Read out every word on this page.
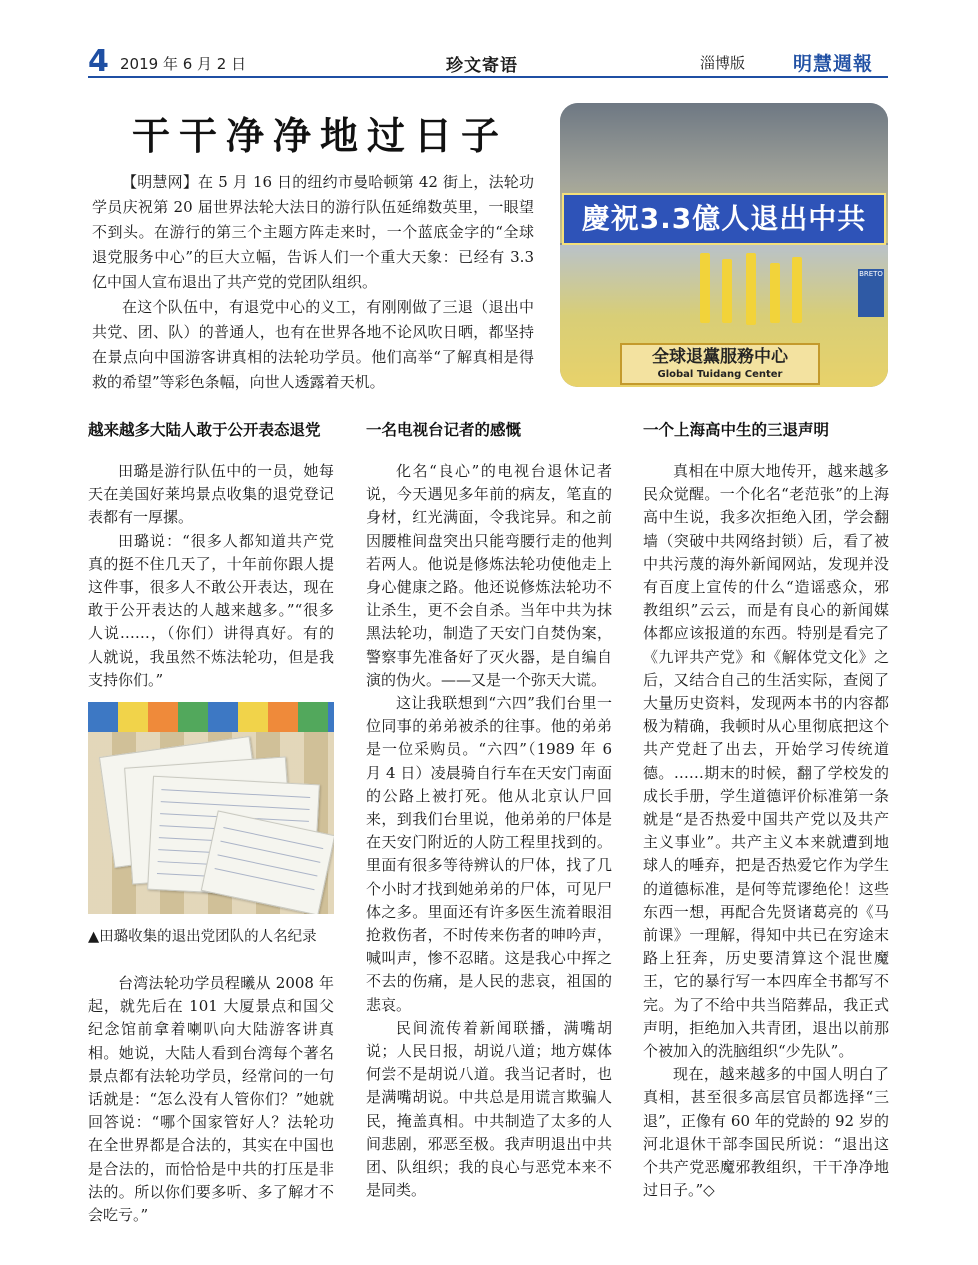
4 2019 年 6 月 2 日	珍文寄语	淄博版	明慧週報
干干净净地过日子

【明慧网】在 5 月 16 日的纽约市曼哈顿第 42 街上，法轮功学员庆祝第 20 届世界法轮大法日的游行队伍延绵数英里，一眼望不到头。在游行的第三个主题方阵走来时，一个蓝底金字的“全球退党服务中心”的巨大立幅，告诉人们一个重大天象：已经有 3.3 亿中国人宣布退出了共产党的党团队组织。

在这个队伍中，有退党中心的义工，有刚刚做了三退（退出中共党、团、队）的普通人，也有在世界各地不论风吹日晒，都坚持在景点向中国游客讲真相的法轮功学员。他们高举“了解真相是得救的希望”等彩色条幅，向世人透露着天机。

BRETO
慶祝3.3億人退出中共
全球退黨服務中心
Global Tuidang Center
越来越多大陆人敢于公开表态退党

田璐是游行队伍中的一员，她每天在美国好莱坞景点收集的退党登记表都有一厚摞。

田璐说：“很多人都知道共产党真的挺不住几天了，十年前你跟人提这件事，很多人不敢公开表达，现在敢于公开表达的人越来越多。”“很多人说……，（你们）讲得真好。有的人就说，我虽然不炼法轮功，但是我支持你们。”

▲田璐收集的退出党团队的人名纪录

台湾法轮功学员程曦从 2008 年起，就先后在 101 大厦景点和国父纪念馆前拿着喇叭向大陆游客讲真相。她说，大陆人看到台湾每个著名景点都有法轮功学员，经常问的一句话就是：“怎么没有人管你们？”她就回答说：“哪个国家管好人？法轮功在全世界都是合法的，其实在中国也是合法的，而恰恰是中共的打压是非法的。所以你们要多听、多了解才不会吃亏。”

一名电视台记者的感慨

化名“良心”的电视台退休记者说，今天遇见多年前的病友，笔直的身材，红光满面，令我诧异。和之前因腰椎间盘突出只能弯腰行走的他判若两人。他说是修炼法轮功使他走上身心健康之路。他还说修炼法轮功不让杀生，更不会自杀。当年中共为抹黑法轮功，制造了天安门自焚伪案，警察事先准备好了灭火器，是自编自演的伪火。——又是一个弥天大谎。

这让我联想到“六四”我们台里一位同事的弟弟被杀的往事。他的弟弟是一位采购员。“六四”（1989 年 6 月 4 日）凌晨骑自行车在天安门南面的公路上被打死。他从北京认尸回来，到我们台里说，他弟弟的尸体是在天安门附近的人防工程里找到的。里面有很多等待辨认的尸体，找了几个小时才找到她弟弟的尸体，可见尸体之多。里面还有许多医生流着眼泪抢救伤者，不时传来伤者的呻吟声，喊叫声，惨不忍睹。这是我心中挥之不去的伤痛，是人民的悲哀，祖国的悲哀。

民间流传着新闻联播，满嘴胡说；人民日报，胡说八道；地方媒体何尝不是胡说八道。我当记者时，也是满嘴胡说。中共总是用谎言欺骗人民，掩盖真相。中共制造了太多的人间悲剧，邪恶至极。我声明退出中共团、队组织；我的良心与恶党本来不是同类。

一个上海高中生的三退声明

真相在中原大地传开，越来越多民众觉醒。一个化名“老范张”的上海高中生说，我多次拒绝入团，学会翻墙（突破中共网络封锁）后，看了被中共污蔑的海外新闻网站，发现并没有百度上宣传的什么“造谣惑众，邪教组织”云云，而是有良心的新闻媒体都应该报道的东西。特别是看完了《九评共产党》和《解体党文化》之后，又结合自己的生活实际，查阅了大量历史资料，发现两本书的内容都极为精确，我顿时从心里彻底把这个共产党赶了出去，开始学习传统道德。……期末的时候，翻了学校发的成长手册，学生道德评价标准第一条就是“是否热爱中国共产党以及共产主义事业”。共产主义本来就遭到地球人的唾弃，把是否热爱它作为学生的道德标准，是何等荒谬绝伦！这些东西一想，再配合先贤诸葛亮的《马前课》一理解，得知中共已在穷途末路上狂奔，历史要清算这个混世魔王，它的暴行写一本四库全书都写不完。为了不给中共当陪葬品，我正式声明，拒绝加入共青团，退出以前那个被加入的洗脑组织“少先队”。

现在，越来越多的中国人明白了真相，甚至很多高层官员都选择“三退”，正像有 60 年的党龄的 92 岁的河北退休干部李国民所说：“退出这个共产党恶魔邪教组织，干干净净地过日子。”◇
